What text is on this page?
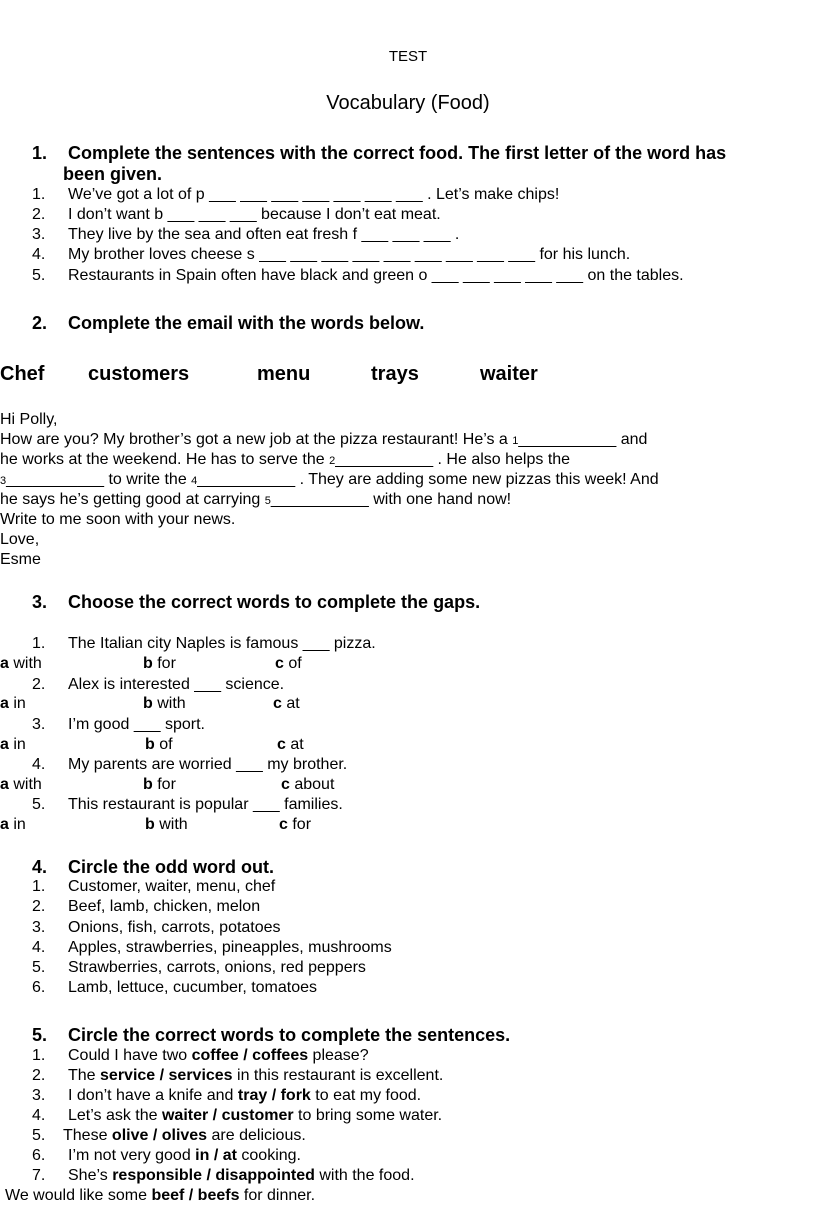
TEST
Vocabulary (Food)
1. Complete the sentences with the correct food. The first letter of the word has
been given.
1. We’ve got a lot of p ___ ___ ___ ___ ___ ___ ___ . Let’s make chips!
2. I don’t want b ___ ___ ___ because I don’t eat meat.
3. They live by the sea and often eat fresh f ___ ___ ___ .
4. My brother loves cheese s ___ ___ ___ ___ ___ ___ ___ ___ ___ for his lunch.
5. Restaurants in Spain often have black and green o ___ ___ ___ ___ ___ on the tables.
2. Complete the email with the words below.
Chef customers	menu	trays	waiter
Hi Polly,
How are you? My brother’s got a new job at the pizza restaurant! He’s a 1___________ and
he works at the weekend. He has to serve the 2___________ . He also helps the
3___________ to write the 4___________ . They are adding some new pizzas this week! And
he says he’s getting good at carrying 5___________ with one hand now!
Write to me soon with your news.
Love,
Esme
3. Choose the correct words to complete the gaps.
1. The Italian city Naples is famous ___ pizza.
a with	b for	c of
2. Alex is interested ___ science.
a in	b with	c at
3. I’m good ___ sport.
a in	b of	c at
4. My parents are worried ___ my brother.
a with	b for	c about
5. This restaurant is popular ___ families.
a in	b with	c for
4. Circle the odd word out.
1. Customer, waiter, menu, chef
2. Beef, lamb, chicken, melon
3. Onions, fish, carrots, potatoes
4. Apples, strawberries, pineapples, mushrooms
5. Strawberries, carrots, onions, red peppers
6. Lamb, lettuce, cucumber, tomatoes
5. Circle the correct words to complete the sentences.
1. Could I have two coffee / coffees please?
2. The service / services in this restaurant is excellent.
3. I don’t have a knife and tray / fork to eat my food.
4. Let’s ask the waiter / customer to bring some water.
5. These olive / olives are delicious.
6. I’m not very good in / at cooking.
7. She’s responsible / disappointed with the food.
We would like some beef / beefs for dinner.
